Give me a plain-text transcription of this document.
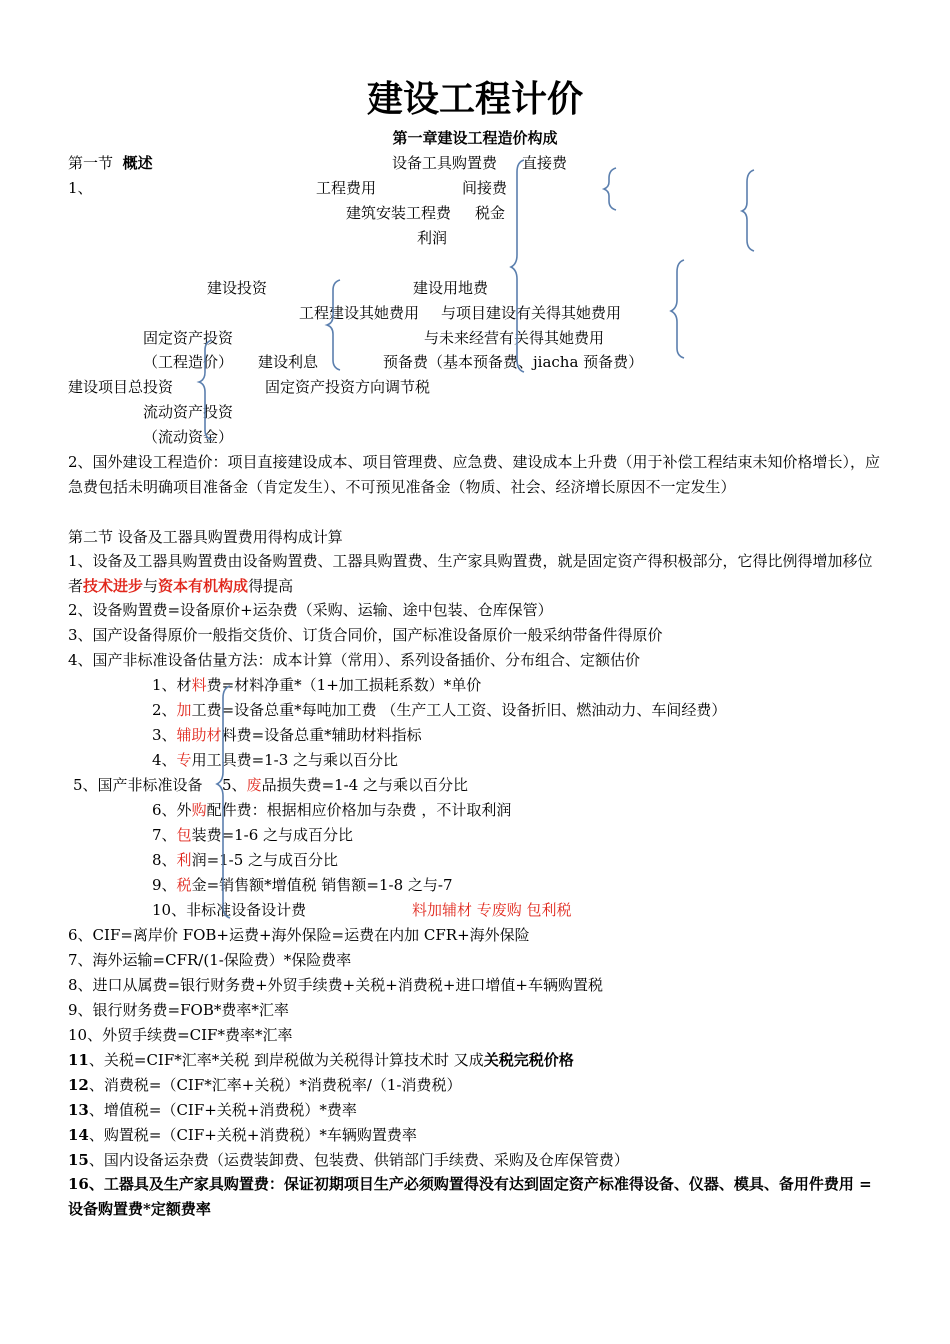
建设工程计价
第一章建设工程造价构成
第一节 概述	设备工具购置费 直接费
1、	工程费用	间接费
建筑安装工程费 税金
利润
建设投资	建设用地费
工程建设其她费用 与项目建设有关得其她费用
固定资产投资	与未来经营有关得其她费用
（工程造价） 建设利息	预备费（基本预备费、jiacha 预备费）
建设项目总投资	固定资产投资方向调节税
流动资产投资
（流动资金）
2、国外建设工程造价：项目直接建设成本、项目管理费、应急费、建设成本上升费（用于补偿工程结束未知价格增长），应急费包括未明确项目准备金（肯定发生）、不可预见准备金（物质、社会、经济增长原因不一定发生）
第二节 设备及工器具购置费用得构成计算
1、设备及工器具购置费由设备购置费、工器具购置费、生产家具购置费，就是固定资产得积极部分，它得比例得增加移位者技术进步与资本有机构成得提高
2、设备购置费=设备原价+运杂费（采购、运输、途中包装、仓库保管）
3、国产设备得原价一般指交货价、订货合同价，国产标准设备原价一般采纳带备件得原价
4、国产非标准设备估量方法：成本计算（常用）、系列设备插价、分布组合、定额估价
1、材料费=材料净重*（1+加工损耗系数）*单价
2、加工费=设备总重*每吨加工费 （生产工人工资、设备折旧、燃油动力、车间经费）
3、辅助材料费=设备总重*辅助材料指标
4、专用工具费=1-3 之与乘以百分比
5、国产非标准设备 5、废品损失费=1-4 之与乘以百分比
6、外购配件费：根据相应价格加与杂费 ，不计取利润
7、包装费=1-6 之与成百分比
8、利润=1-5 之与成百分比
9、税金=销售额*增值税 销售额=1-8 之与-7
10、非标准设备设计费	料加辅材 专废购 包利税
6、CIF=离岸价 FOB+运费+海外保险=运费在内加 CFR+海外保险
7、海外运输=CFR/(1-保险费）*保险费率
8、进口从属费=银行财务费+外贸手续费+关税+消费税+进口增值+车辆购置税
9、银行财务费=FOB*费率*汇率
10、外贸手续费=CIF*费率*汇率
11、关税=CIF*汇率*关税 到岸税做为关税得计算技术时 又成关税完税价格
12、消费税=（CIF*汇率+关税）*消费税率/（1-消费税）
13、增值税=（CIF+关税+消费税）*费率
14、购置税=（CIF+关税+消费税）*车辆购置费率
15、国内设备运杂费（运费装卸费、包装费、供销部门手续费、采购及仓库保管费）
16、工器具及生产家具购置费：保证初期项目生产必须购置得没有达到固定资产标准得设备、仪器、模具、备用件费用 =设备购置费*定额费率
